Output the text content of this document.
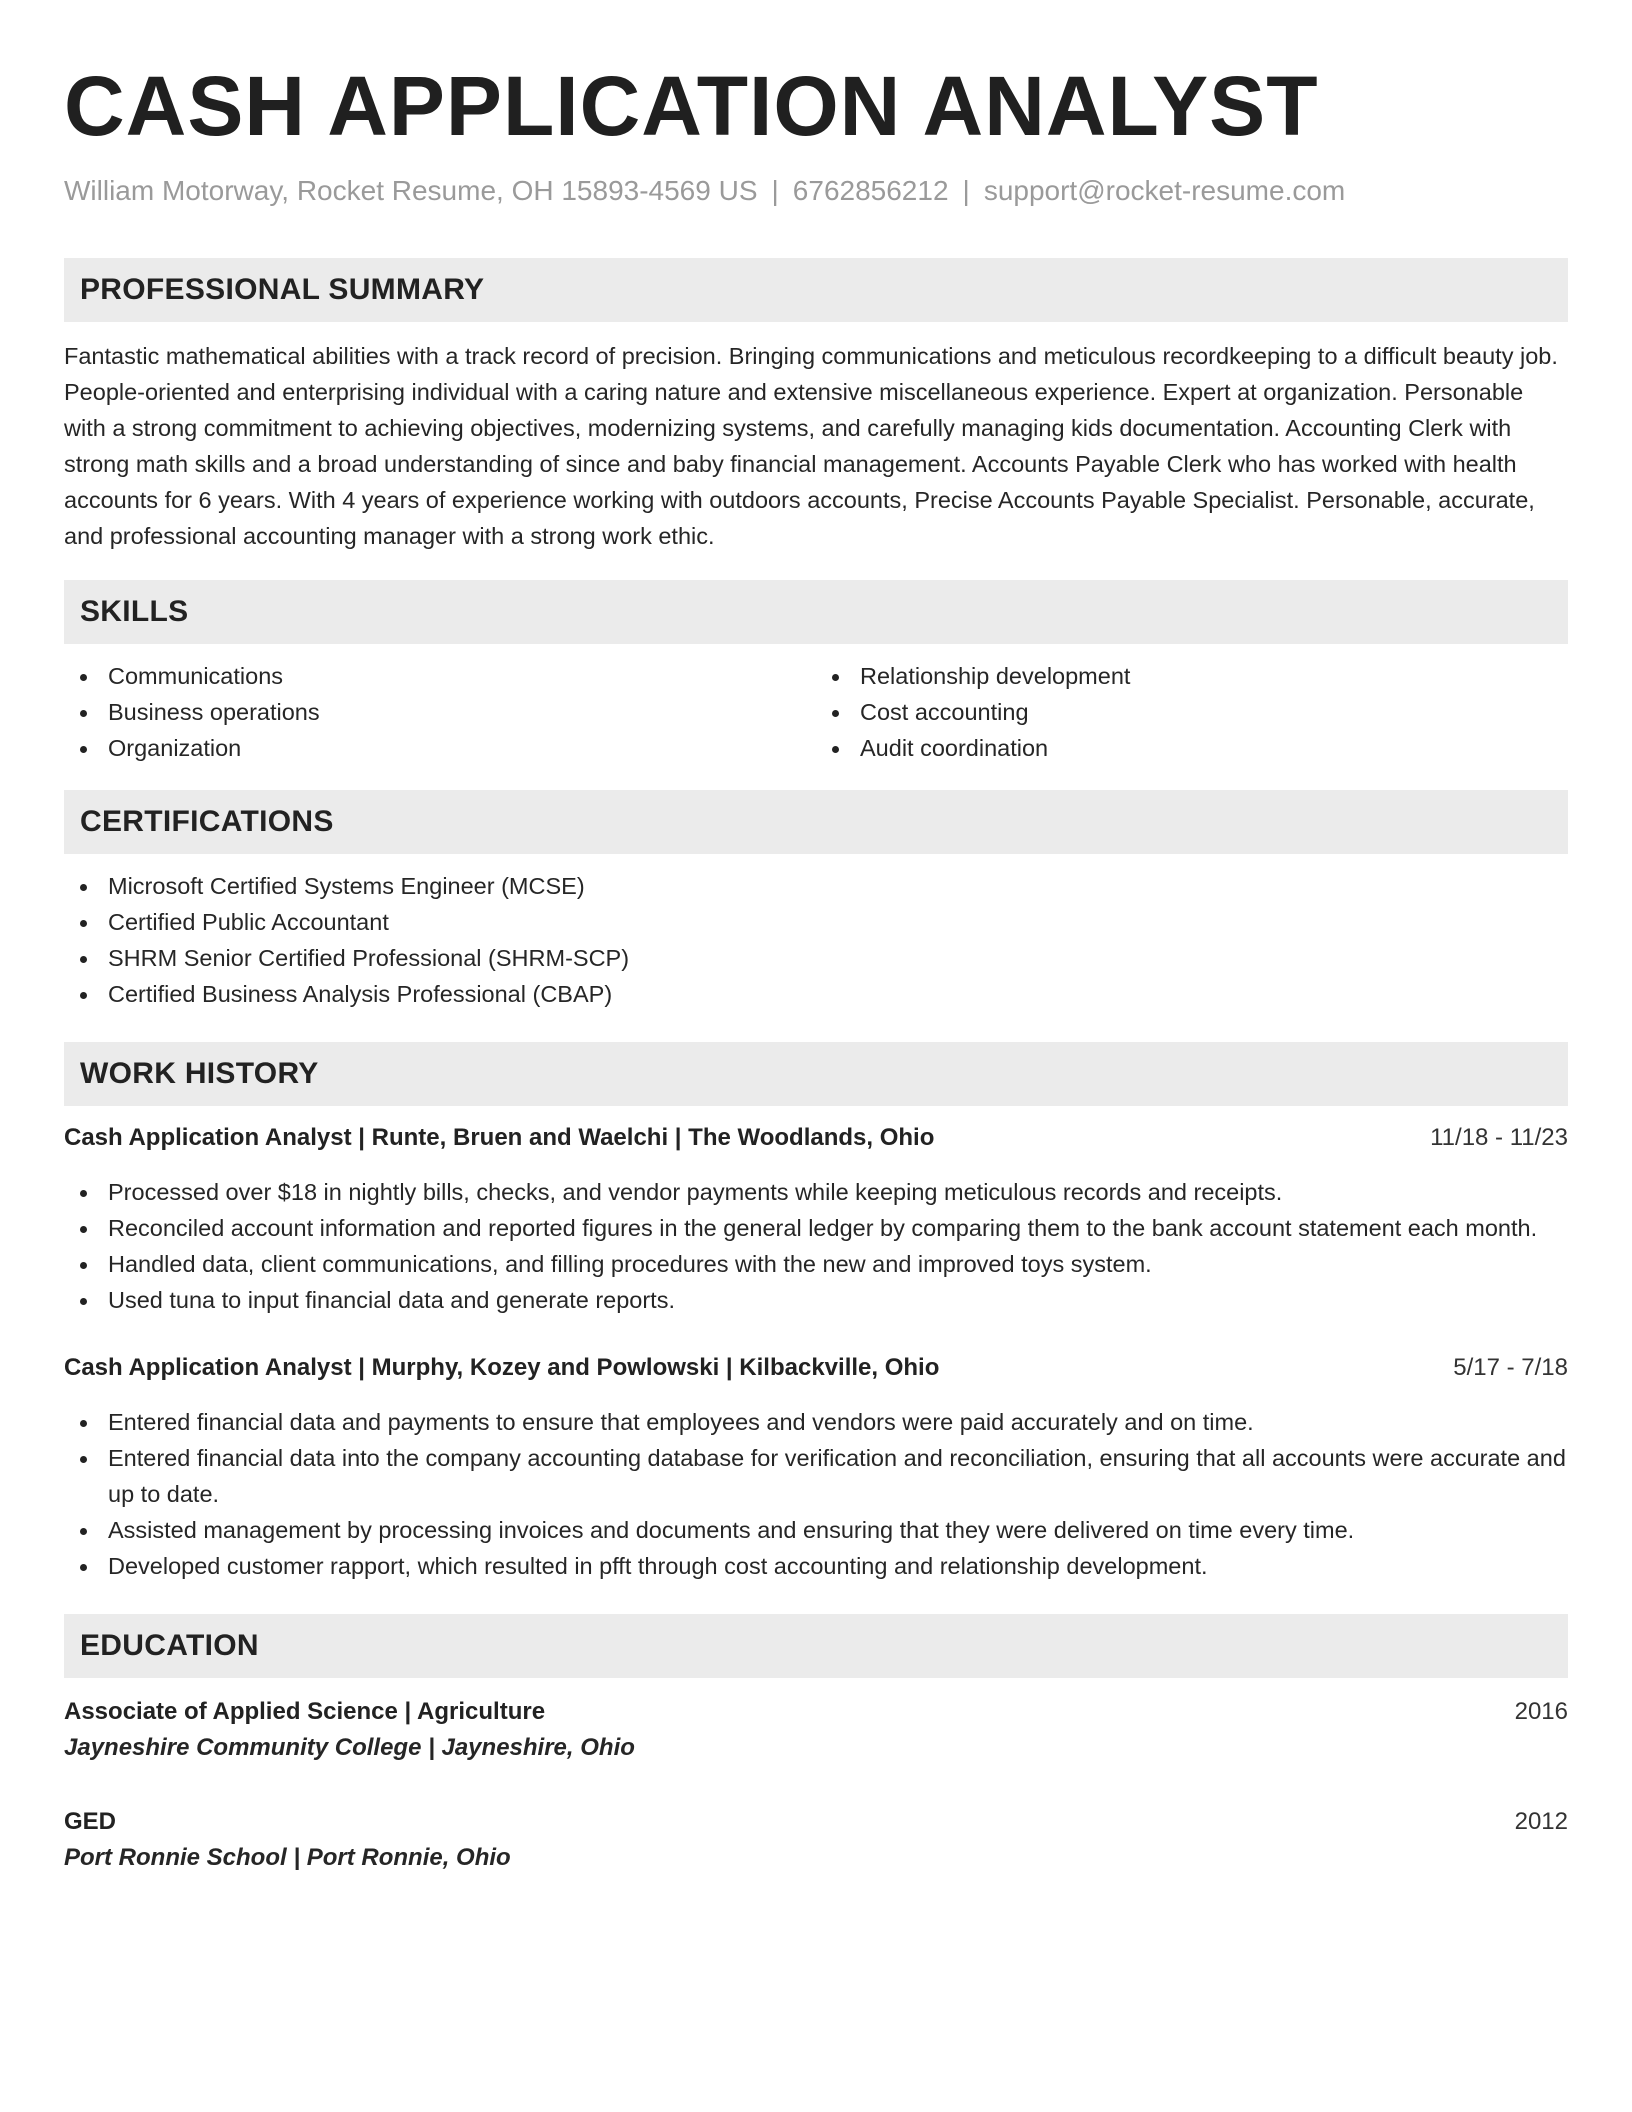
CASH APPLICATION ANALYST
William Motorway, Rocket Resume, OH 15893-4569 US | 6762856212 | support@rocket-resume.com
PROFESSIONAL SUMMARY

Fantastic mathematical abilities with a track record of precision. Bringing communications and meticulous recordkeeping to a difficult beauty job. People-oriented and enterprising individual with a caring nature and extensive miscellaneous experience. Expert at organization. Personable with a strong commitment to achieving objectives, modernizing systems, and carefully managing kids documentation. Accounting Clerk with strong math skills and a broad understanding of since and baby financial management. Accounts Payable Clerk who has worked with health accounts for 6 years. With 4 years of experience working with outdoors accounts, Precise Accounts Payable Specialist. Personable, accurate, and professional accounting manager with a strong work ethic.

SKILLS
Communications
Business operations
Organization
Relationship development
Cost accounting
Audit coordination
CERTIFICATIONS
Microsoft Certified Systems Engineer (MCSE)
Certified Public Accountant
SHRM Senior Certified Professional (SHRM-SCP)
Certified Business Analysis Professional (CBAP)
WORK HISTORY
Cash Application Analyst | Runte, Bruen and Waelchi | The Woodlands, Ohio	11/18 - 11/23
Processed over $18 in nightly bills, checks, and vendor payments while keeping meticulous records and receipts.
Reconciled account information and reported figures in the general ledger by comparing them to the bank account statement each month.
Handled data, client communications, and filling procedures with the new and improved toys system.
Used tuna to input financial data and generate reports.
Cash Application Analyst | Murphy, Kozey and Powlowski | Kilbackville, Ohio	5/17 - 7/18
Entered financial data and payments to ensure that employees and vendors were paid accurately and on time.
Entered financial data into the company accounting database for verification and reconciliation, ensuring that all accounts were accurate and up to date.
Assisted management by processing invoices and documents and ensuring that they were delivered on time every time.
Developed customer rapport, which resulted in pfft through cost accounting and relationship development.
EDUCATION
Associate of Applied Science | Agriculture	2016
Jayneshire Community College | Jayneshire, Ohio
GED	2012
Port Ronnie School | Port Ronnie, Ohio
